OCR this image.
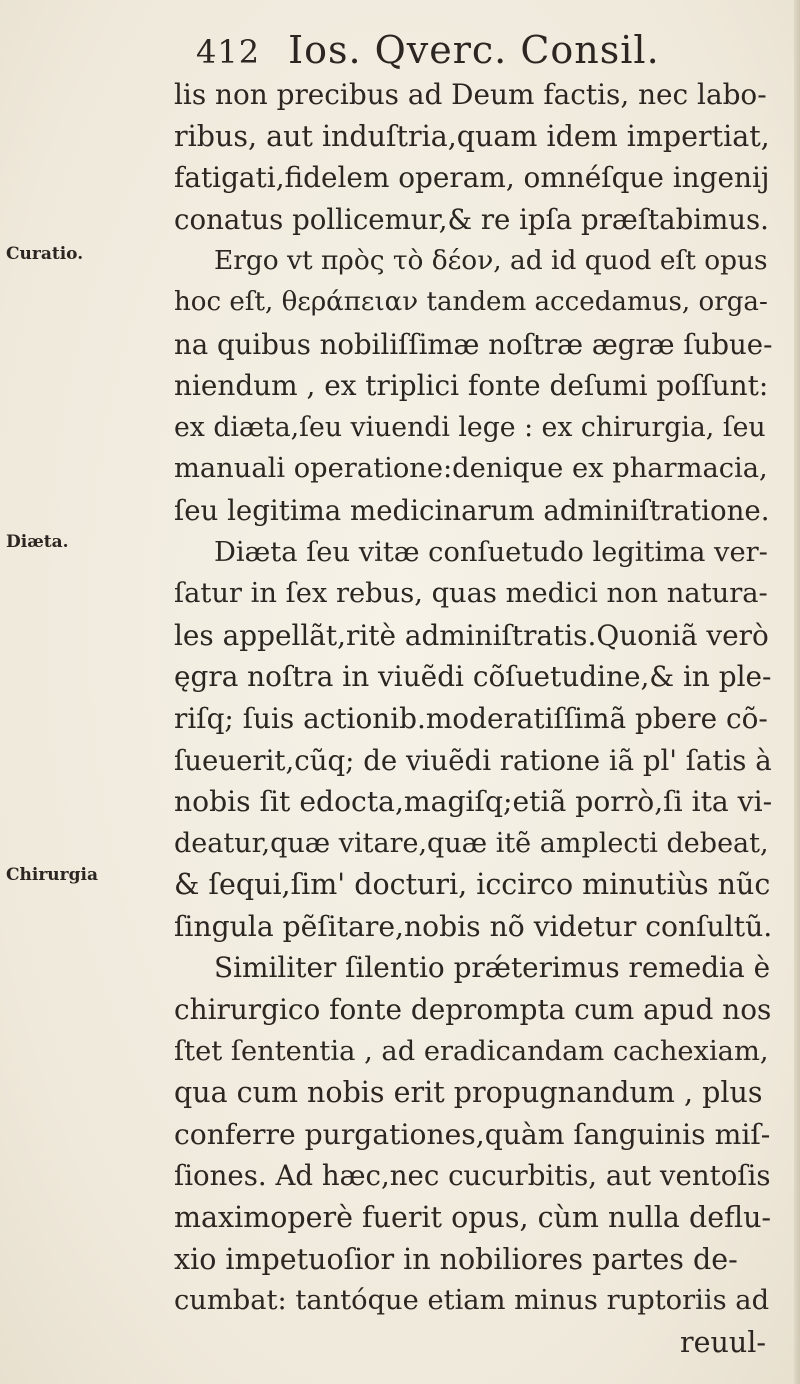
412 Ios. Qverc. Consil.
Curatio.
Diæta.
Chirurgia
lis non precibus ad Deum factis, nec labo-
ribus, aut induſtria,quam idem impertiat,
fatigati,fidelem operam, omnéſque ingenij
conatus pollicemur,& re ipſa præſtabimus.
Ergo vt πρὸς τὸ δέον, ad id quod eſt opus
hoc eſt, θεράπειαν tandem accedamus, orga-
na quibus nobiliſſimæ noſtræ ægræ ſubue-
niendum , ex triplici fonte deſumi poſſunt:
ex diæta,ſeu viuendi lege : ex chirurgia, ſeu
manuali operatione:denique ex pharmacia,
ſeu legitima medicinarum adminiſtratione.
Diæta ſeu vitæ conſuetudo legitima ver-
ſatur in ſex rebus, quas medici non natura-
les appellãt,ritè adminiſtratis.Quoniã verò
ęgra noſtra in viuẽdi cõſuetudine,& in ple-
riſq; ſuis actionib.moderatiſſimã pbere cõ-
ſueuerit,cũq; de viuẽdi ratione iã pl' ſatis à
nobis ſit edocta,magiſq;etiã porrò,ſi ita vi-
deatur,quæ vitare,quæ itẽ amplecti debeat,
& ſequi,ſim' docturi, iccirco minutiùs nũc
ſingula pẽſitare,nobis nõ videtur conſultũ.
Similiter ſilentio prǽterimus remedia è
chirurgico fonte deprompta cum apud nos
ſtet ſententia , ad eradicandam cachexiam,
qua cum nobis erit propugnandum , plus
conferre purgationes,quàm ſanguinis miſ-
ſiones. Ad hæc,nec cucurbitis, aut ventoſis
maximoperè fuerit opus, cùm nulla deflu-
xio impetuoſior in nobiliores partes de-
cumbat: tantóque etiam minus ruptoriis ad
reuul-
